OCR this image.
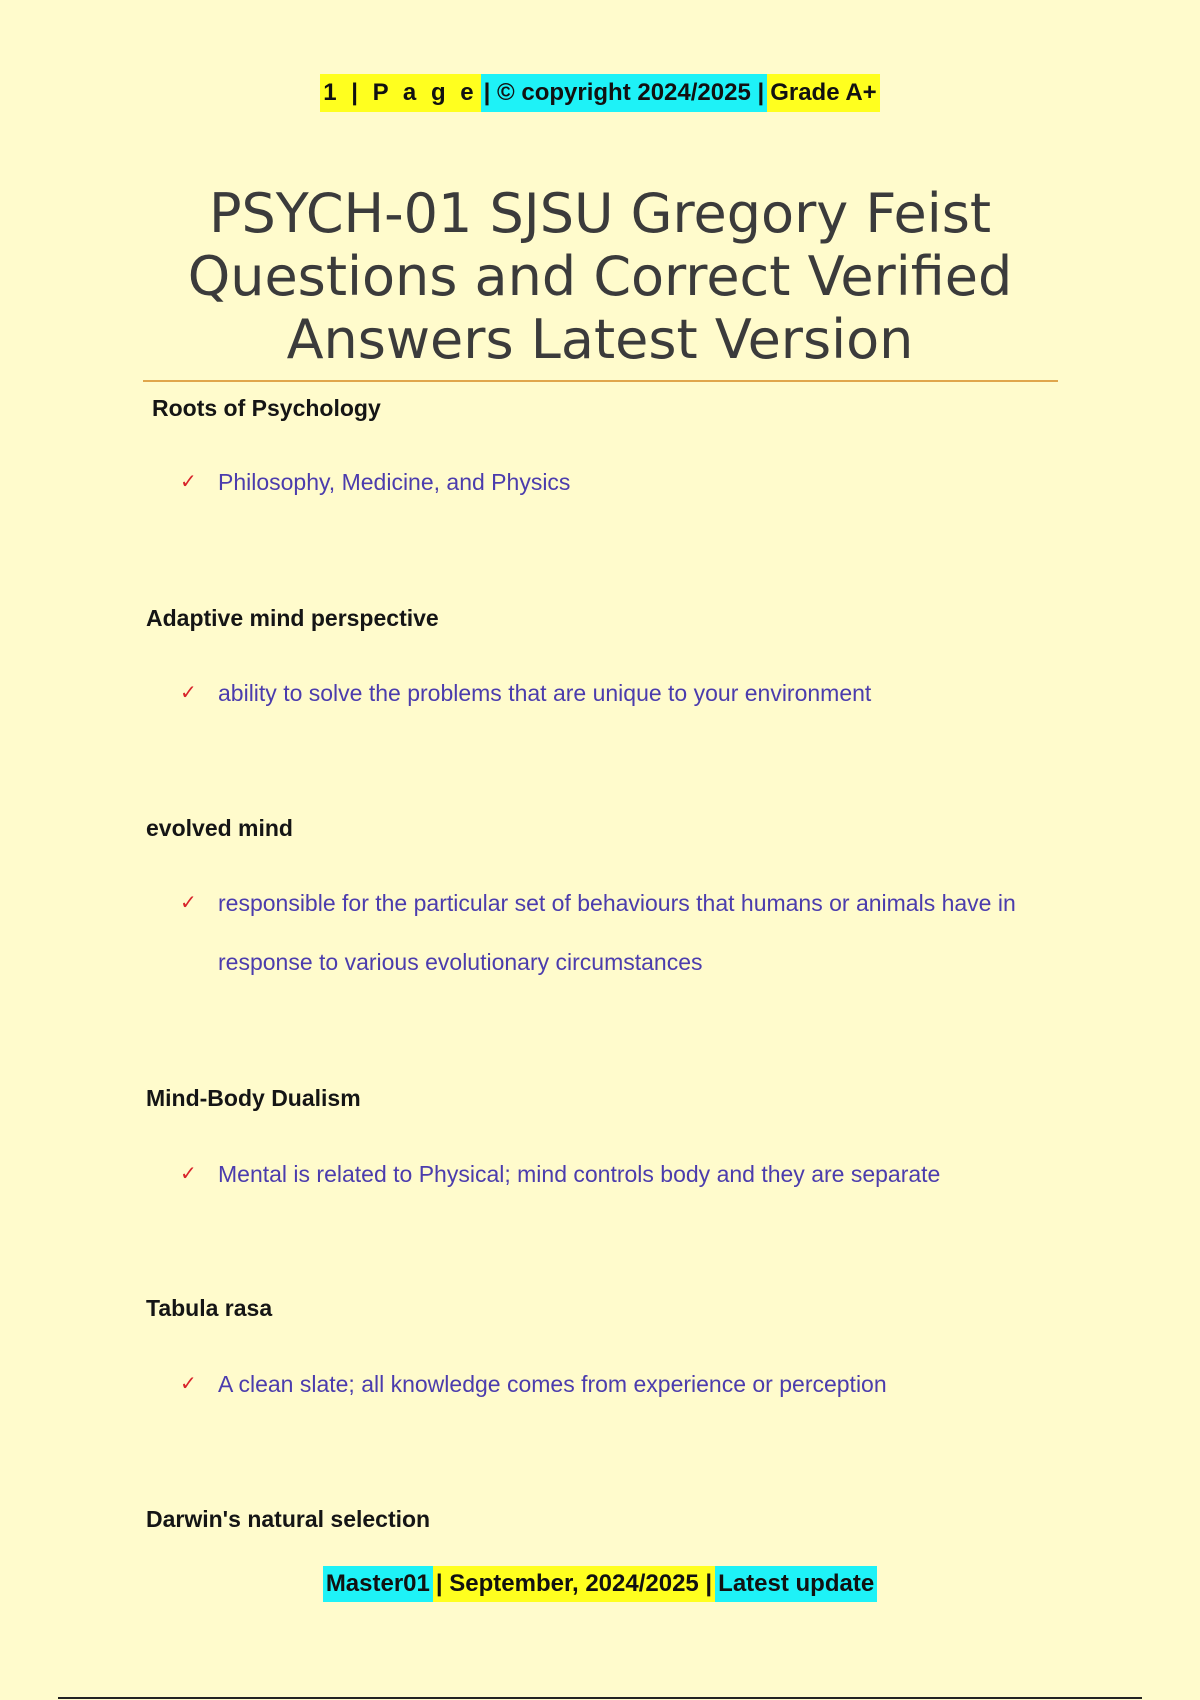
1 | P a g e | © copyright 2024/2025 | Grade A+
PSYCH-01 SJSU Gregory Feist Questions and Correct Verified Answers Latest Version

Roots of Psychology

✓ Philosophy, Medicine, and Physics

Adaptive mind perspective

✓ ability to solve the problems that are unique to your environment

evolved mind

✓ responsible for the particular set of behaviours that humans or animals have in response to various evolutionary circumstances

Mind-Body Dualism

✓ Mental is related to Physical; mind controls body and they are separate

Tabula rasa

✓ A clean slate; all knowledge comes from experience or perception

Darwin's natural selection

Master01 | September, 2024/2025 | Latest update
